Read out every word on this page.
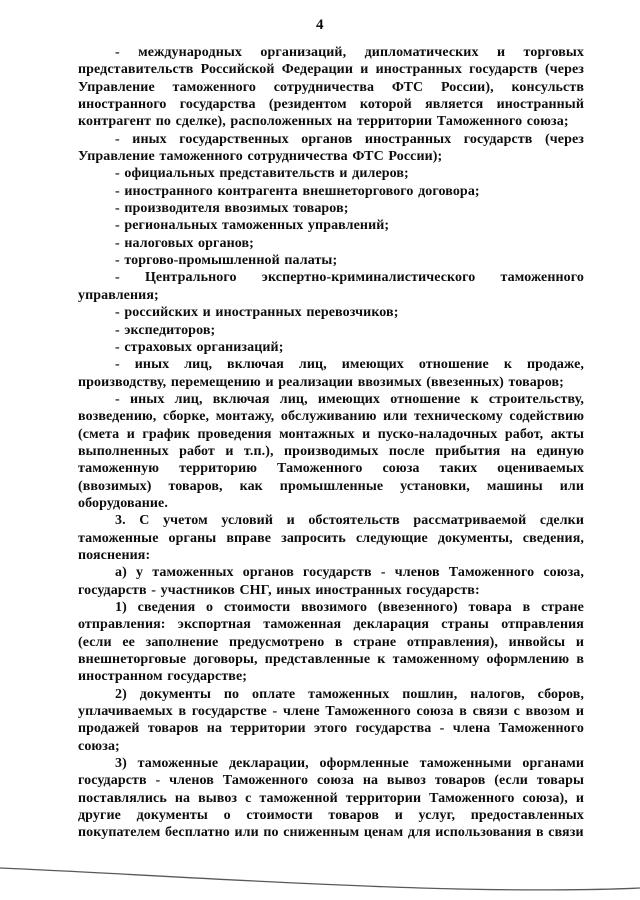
4

- международных организаций, дипломатических и торговых представительств Российской Федерации и иностранных государств (через Управление таможенного сотрудничества ФТС России), консульств иностранного государства (резидентом которой является иностранный контрагент по сделке), расположенных на территории Таможенного союза;

- иных государственных органов иностранных государств (через Управление таможенного сотрудничества ФТС России);

- официальных представительств и дилеров;

- иностранного контрагента внешнеторгового договора;

- производителя ввозимых товаров;

- региональных таможенных управлений;

- налоговых органов;

- торгово-промышленной палаты;

- Центрального экспертно-криминалистического таможенного управления;

- российских и иностранных перевозчиков;

- экспедиторов;

- страховых организаций;

- иных лиц, включая лиц, имеющих отношение к продаже, производству, перемещению и реализации ввозимых (ввезенных) товаров;

- иных лиц, включая лиц, имеющих отношение к строительству, возведению, сборке, монтажу, обслуживанию или техническому содействию (смета и график проведения монтажных и пуско-наладочных работ, акты выполненных работ и т.п.), производимых после прибытия на единую таможенную территорию Таможенного союза таких оцениваемых (ввозимых) товаров, как промышленные установки, машины или оборудование.

3. С учетом условий и обстоятельств рассматриваемой сделки таможенные органы вправе запросить следующие документы, сведения, пояснения:

а) у таможенных органов государств - членов Таможенного союза, государств - участников СНГ, иных иностранных государств:

1) сведения о стоимости ввозимого (ввезенного) товара в стране отправления: экспортная таможенная декларация страны отправления (если ее заполнение предусмотрено в стране отправления), инвойсы и внешнеторговые договоры, представленные к таможенному оформлению в иностранном государстве;

2) документы по оплате таможенных пошлин, налогов, сборов, уплачиваемых в государстве - члене Таможенного союза в связи с ввозом и продажей товаров на территории этого государства - члена Таможенного союза;

3) таможенные декларации, оформленные таможенными органами государств - членов Таможенного союза на вывоз товаров (если товары поставлялись на вывоз с таможенной территории Таможенного союза), и другие документы о стоимости товаров и услуг, предоставленных покупателем бесплатно или по сниженным ценам для использования в связи
